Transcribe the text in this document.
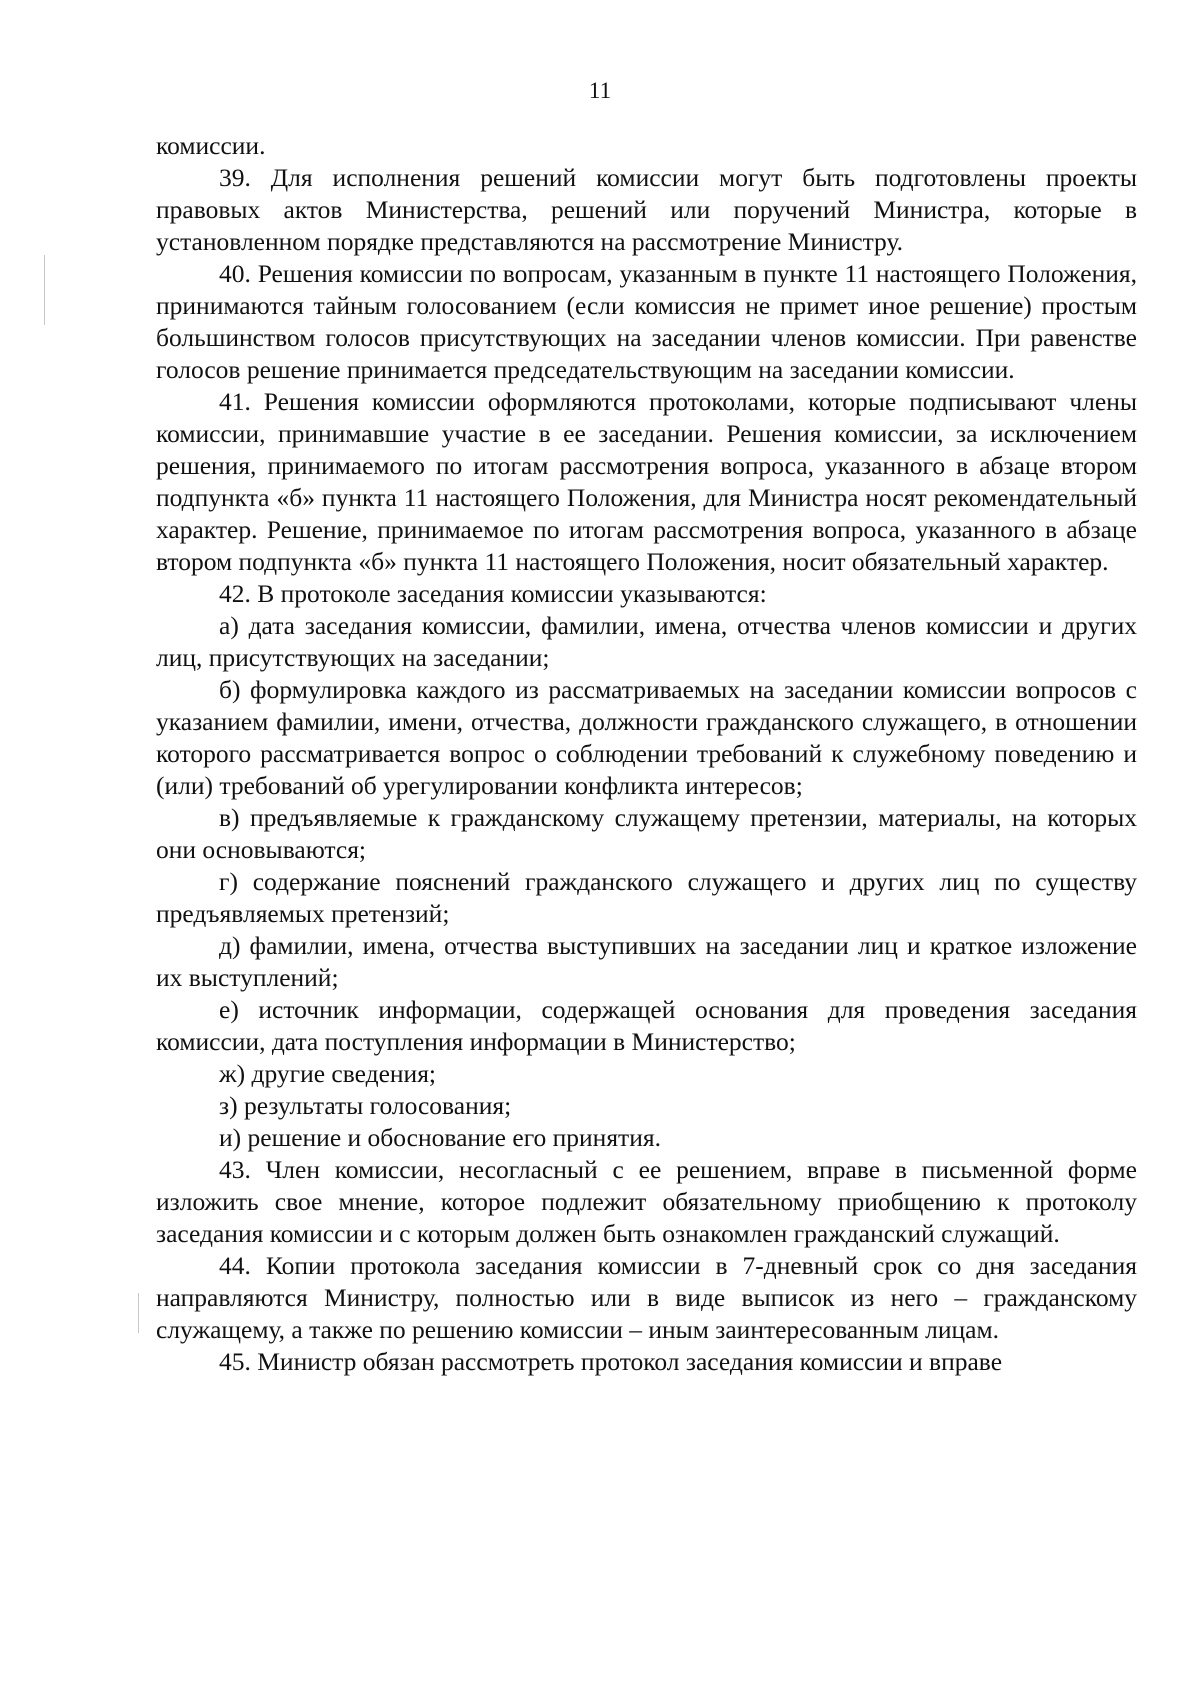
11

комиссии.

39. Для исполнения решений комиссии могут быть подготовлены проекты правовых актов Министерства, решений или поручений Министра, которые в установленном порядке представляются на рассмотрение Министру.

40. Решения комиссии по вопросам, указанным в пункте 11 настоящего Положения, принимаются тайным голосованием (если комиссия не примет иное решение) простым большинством голосов присутствующих на заседании членов комиссии. При равенстве голосов решение принимается председательствующим на заседании комиссии.

41. Решения комиссии оформляются протоколами, которые подписывают члены комиссии, принимавшие участие в ее заседании. Решения комиссии, за исключением решения, принимаемого по итогам рассмотрения вопроса, указанного в абзаце втором подпункта «б» пункта 11 настоящего Положения, для Министра носят рекомендательный характер. Решение, принимаемое по итогам рассмотрения вопроса, указанного в абзаце втором подпункта «б» пункта 11 настоящего Положения, носит обязательный характер.

42. В протоколе заседания комиссии указываются:

а) дата заседания комиссии, фамилии, имена, отчества членов комиссии и других лиц, присутствующих на заседании;

б) формулировка каждого из рассматриваемых на заседании комиссии вопросов с указанием фамилии, имени, отчества, должности гражданского служащего, в отношении которого рассматривается вопрос о соблюдении требований к служебному поведению и (или) требований об урегулировании конфликта интересов;

в) предъявляемые к гражданскому служащему претензии, материалы, на которых они основываются;

г) содержание пояснений гражданского служащего и других лиц по существу предъявляемых претензий;

д) фамилии, имена, отчества выступивших на заседании лиц и краткое изложение их выступлений;

е) источник информации, содержащей основания для проведения заседания комиссии, дата поступления информации в Министерство;

ж) другие сведения;

з) результаты голосования;

и) решение и обоснование его принятия.

43. Член комиссии, несогласный с ее решением, вправе в письменной форме изложить свое мнение, которое подлежит обязательному приобщению к протоколу заседания комиссии и с которым должен быть ознакомлен гражданский служащий.

44. Копии протокола заседания комиссии в 7-дневный срок со дня заседания направляются Министру, полностью или в виде выписок из него – гражданскому служащему, а также по решению комиссии – иным заинтересованным лицам.

45. Министр обязан рассмотреть протокол заседания комиссии и вправе
